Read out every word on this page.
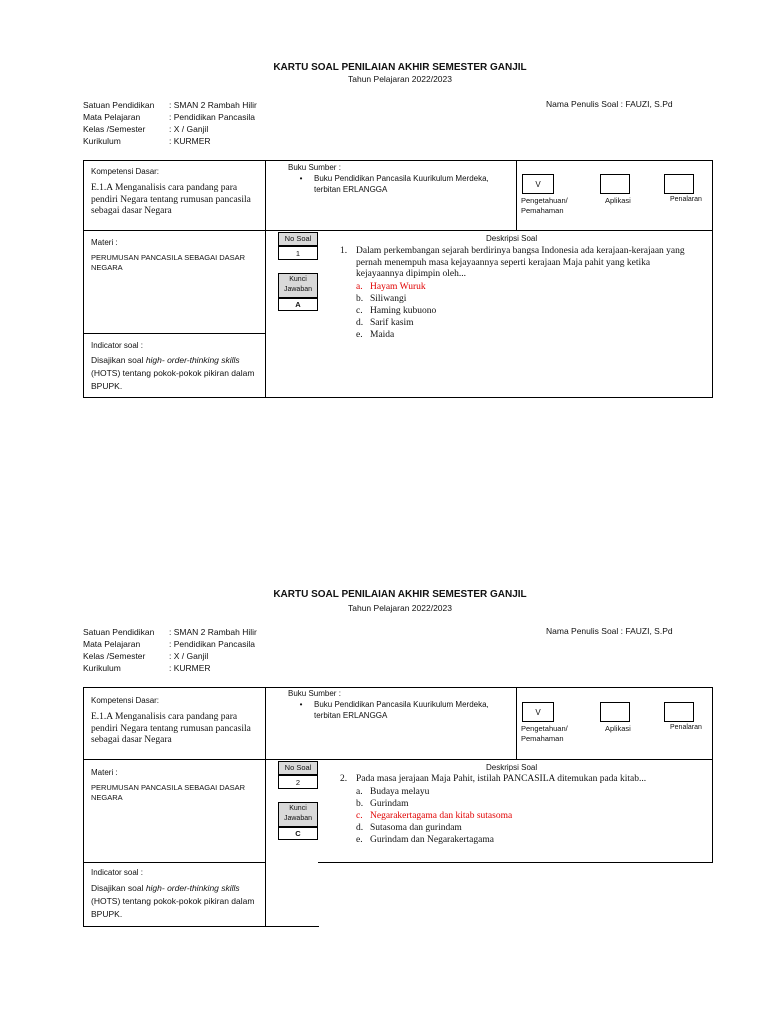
KARTU SOAL PENILAIAN AKHIR SEMESTER GANJIL
Tahun Pelajaran 2022/2023
Satuan Pendidikan	: SMAN 2 Rambah Hilir
Mata Pelajaran	: Pendidikan Pancasila
Kelas /Semester	: X / Ganjil
Kurikulum	: KURMER
Nama Penulis Soal : FAUZI, S.Pd
Kompetensi Dasar:
E.1.A Menganalisis cara pandang para pendiri Negara tentang rumusan pancasila sebagai dasar Negara
Buku Sumber :
•	Buku Pendidikan Pancasila Kuurikulum Merdeka, terbitan ERLANGGA	V
Pengetahuan/ Pemahaman
Aplikasi	Penalaran
Materi :
PERUMUSAN PANCASILA SEBAGAI DASAR NEGARA
No Soal
1
Kunci Jawaban
A
Deskripsi Soal
1. Dalam perkembangan sejarah berdirinya bangsa Indonesia ada kerajaan-kerajaan yang pernah menempuh masa kejayaannya seperti kerajaan Maja pahit yang ketika kejayaannya dipimpin oleh...
a. Hayam Wuruk
b. Siliwangi
c. Haming kubuono
d. Sarif kasim
e. Maida
Indicator soal :
Disajikan soal high- order-thinking skills (HOTS) tentang pokok-pokok pikiran dalam BPUPK.
KARTU SOAL PENILAIAN AKHIR SEMESTER GANJIL
Tahun Pelajaran 2022/2023
Satuan Pendidikan	: SMAN 2 Rambah Hilir
Mata Pelajaran	: Pendidikan Pancasila
Kelas /Semester	: X / Ganjil
Kurikulum	: KURMER
Nama Penulis Soal : FAUZI, S.Pd
Kompetensi Dasar:
E.1.A Menganalisis cara pandang para pendiri Negara tentang rumusan pancasila sebagai dasar Negara
Buku Sumber :
•	Buku Pendidikan Pancasila Kuurikulum Merdeka, terbitan ERLANGGA	V
Pengetahuan/ Pemahaman
Aplikasi	Penalaran
Materi :
PERUMUSAN PANCASILA SEBAGAI DASAR NEGARA
No Soal
2
Kunci Jawaban
C
Deskripsi Soal
2. Pada masa jerajaan Maja Pahit, istilah PANCASILA ditemukan pada kitab...
a. Budaya melayu
b. Gurindam
c. Negarakertagama dan kitab sutasoma
d. Sutasoma dan gurindam
e. Gurindam dan Negarakertagama
Indicator soal :
Disajikan soal high- order-thinking skills (HOTS) tentang pokok-pokok pikiran dalam BPUPK.
